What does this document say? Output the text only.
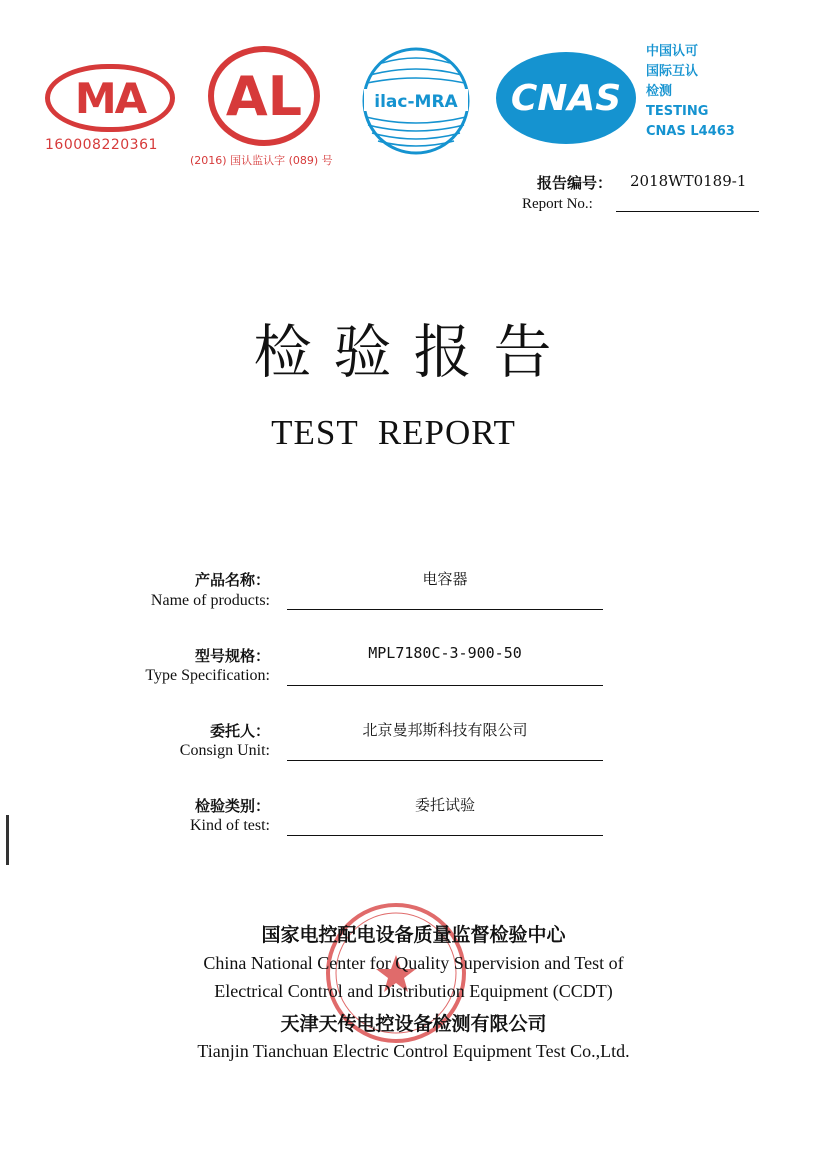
MA
160008220361
AL
(2016) 国认监认字 (089) 号
ilac-MRA CNAS
中国认可
国际互认
检测
TESTING
CNAS L4463
报告编号： 2018WT0189-1
Report No.:
检验报告
TEST REPORT
产品名称：
Name of products:
电容器
型号规格：
Type Specification:
MPL7180C-3-900-50
委托人：
Consign Unit:
北京曼邦斯科技有限公司
检验类别：
Kind of test:
委托试验
国家电控配电设备质量监督检验中心
China National Center for Quality Supervision and Test of
Electrical Control and Distribution Equipment (CCDT)
天津天传电控设备检测有限公司
Tianjin Tianchuan Electric Control Equipment Test Co.,Ltd.
